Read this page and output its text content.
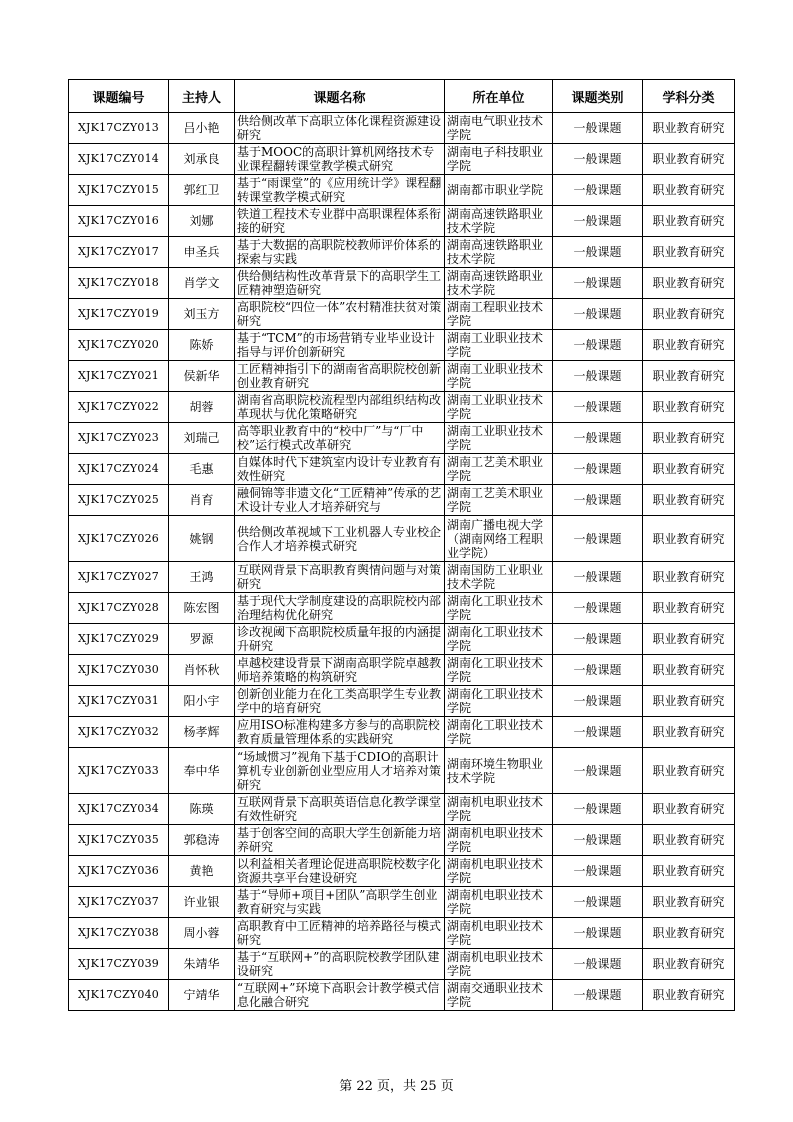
课题编号	主持人	课题名称	所在单位	课题类别	学科分类
XJK17CZY013	吕小艳	供给侧改革下高职立体化课程资源建设研究	湖南电气职业技术学院	一般课题	职业教育研究
XJK17CZY014	刘承良	基于MOOC的高职计算机网络技术专业课程翻转课堂教学模式研究	湖南电子科技职业学院	一般课题	职业教育研究
XJK17CZY015	郭红卫	基于“雨课堂”的《应用统计学》课程翻转课堂教学模式研究	湖南都市职业学院	一般课题	职业教育研究
XJK17CZY016	刘娜	铁道工程技术专业群中高职课程体系衔接的研究	湖南高速铁路职业技术学院	一般课题	职业教育研究
XJK17CZY017	申圣兵	基于大数据的高职院校教师评价体系的探索与实践	湖南高速铁路职业技术学院	一般课题	职业教育研究
XJK17CZY018	肖学文	供给侧结构性改革背景下的高职学生工匠精神塑造研究	湖南高速铁路职业技术学院	一般课题	职业教育研究
XJK17CZY019	刘玉方	高职院校“四位一体”农村精准扶贫对策研究	湖南工程职业技术学院	一般课题	职业教育研究
XJK17CZY020	陈娇	基于“TCM”的市场营销专业毕业设计指导与评价创新研究	湖南工业职业技术学院	一般课题	职业教育研究
XJK17CZY021	侯新华	工匠精神指引下的湖南省高职院校创新创业教育研究	湖南工业职业技术学院	一般课题	职业教育研究
XJK17CZY022	胡蓉	湖南省高职院校流程型内部组织结构改革现状与优化策略研究	湖南工业职业技术学院	一般课题	职业教育研究
XJK17CZY023	刘瑞己	高等职业教育中的“校中厂”与“厂中校”运行模式改革研究	湖南工业职业技术学院	一般课题	职业教育研究
XJK17CZY024	毛惠	自媒体时代下建筑室内设计专业教育有效性研究	湖南工艺美术职业学院	一般课题	职业教育研究
XJK17CZY025	肖育	融侗锦等非遗文化“工匠精神”传承的艺术设计专业人才培养研究与	湖南工艺美术职业学院	一般课题	职业教育研究
XJK17CZY026	姚钢	供给侧改革视域下工业机器人专业校企合作人才培养模式研究	湖南广播电视大学（湖南网络工程职业学院）	一般课题	职业教育研究
XJK17CZY027	王鸿	互联网背景下高职教育舆情问题与对策研究	湖南国防工业职业技术学院	一般课题	职业教育研究
XJK17CZY028	陈宏图	基于现代大学制度建设的高职院校内部治理结构优化研究	湖南化工职业技术学院	一般课题	职业教育研究
XJK17CZY029	罗源	诊改视阈下高职院校质量年报的内涵提升研究	湖南化工职业技术学院	一般课题	职业教育研究
XJK17CZY030	肖怀秋	卓越校建设背景下湖南高职学院卓越教师培养策略的构筑研究	湖南化工职业技术学院	一般课题	职业教育研究
XJK17CZY031	阳小宇	创新创业能力在化工类高职学生专业教学中的培育研究	湖南化工职业技术学院	一般课题	职业教育研究
XJK17CZY032	杨孝辉	应用ISO标准构建多方参与的高职院校教育质量管理体系的实践研究	湖南化工职业技术学院	一般课题	职业教育研究
XJK17CZY033	奉中华	“场域惯习”视角下基于CDIO的高职计算机专业创新创业型应用人才培养对策研究	湖南环境生物职业技术学院	一般课题	职业教育研究
XJK17CZY034	陈瑛	互联网背景下高职英语信息化教学课堂有效性研究	湖南机电职业技术学院	一般课题	职业教育研究
XJK17CZY035	郭稳涛	基于创客空间的高职大学生创新能力培养研究	湖南机电职业技术学院	一般课题	职业教育研究
XJK17CZY036	黄艳	以利益相关者理论促进高职院校数字化资源共享平台建设研究	湖南机电职业技术学院	一般课题	职业教育研究
XJK17CZY037	许业银	基于“导师+项目+团队”高职学生创业教育研究与实践	湖南机电职业技术学院	一般课题	职业教育研究
XJK17CZY038	周小蓉	高职教育中工匠精神的培养路径与模式研究	湖南机电职业技术学院	一般课题	职业教育研究
XJK17CZY039	朱靖华	基于“互联网+”的高职院校教学团队建设研究	湖南机电职业技术学院	一般课题	职业教育研究
XJK17CZY040	宁靖华	“互联网+”环境下高职会计教学模式信息化融合研究	湖南交通职业技术学院	一般课题	职业教育研究
第 22 页，共 25 页
